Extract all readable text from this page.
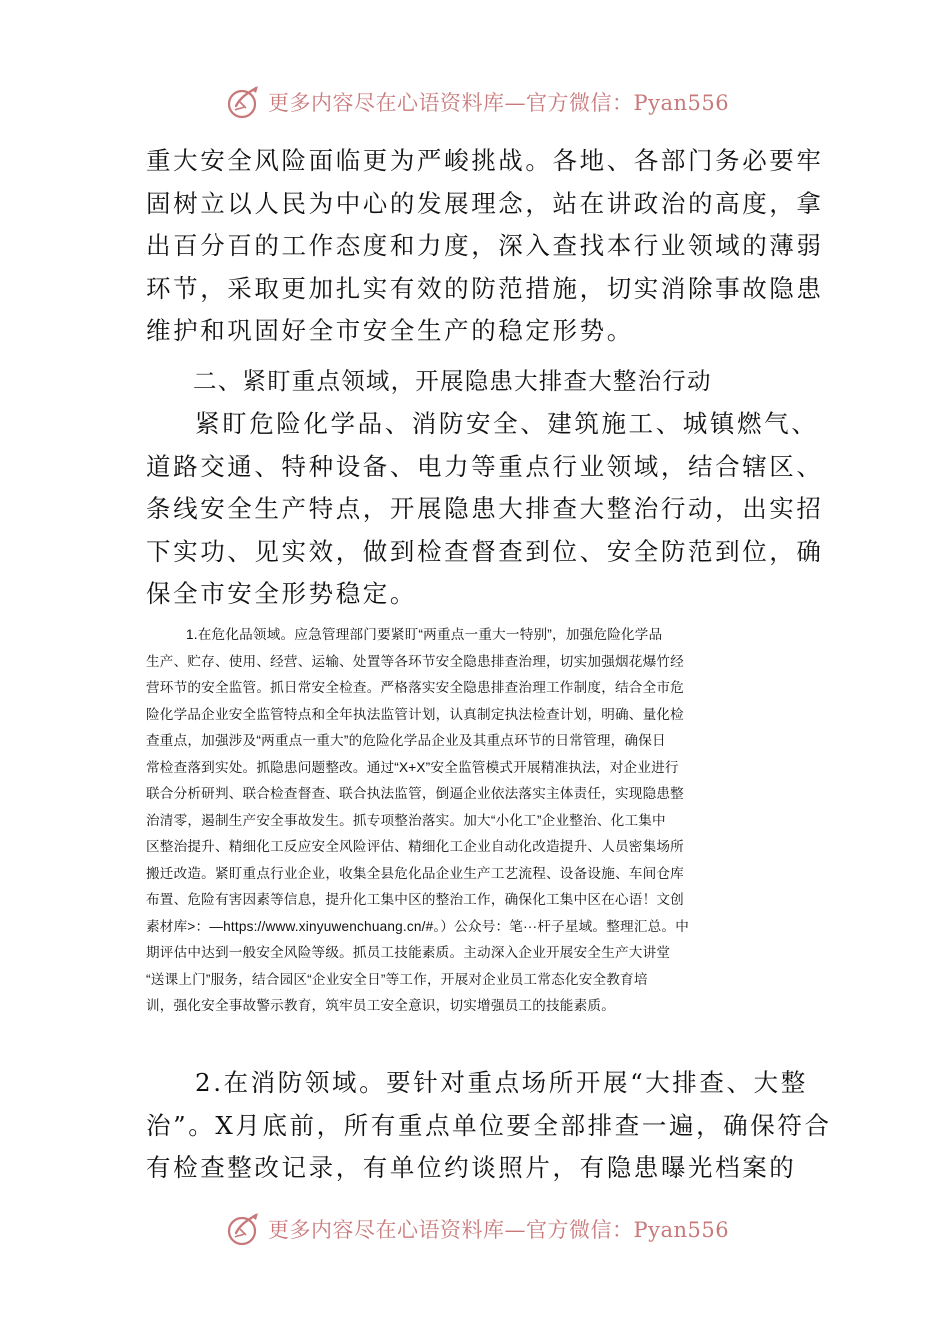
更多内容尽在心语资料库—官方微信：Pyan556
重大安全风险面临更为严峻挑战。各地、各部门务必要牢
固树立以人民为中心的发展理念，站在讲政治的高度，拿
出百分百的工作态度和力度，深入查找本行业领域的薄弱
环节，采取更加扎实有效的防范措施，切实消除事故隐患
维护和巩固好全市安全生产的稳定形势。
二、紧盯重点领域，开展隐患大排查大整治行动
紧盯危险化学品、消防安全、建筑施工、城镇燃气、
道路交通、特种设备、电力等重点行业领域，结合辖区、
条线安全生产特点，开展隐患大排查大整治行动，出实招
下实功、见实效，做到检查督查到位、安全防范到位，确
保全市安全形势稳定。
1.在危化品领域。应急管理部门要紧盯“两重点一重大一特别”，加强危险化学品
生产、贮存、使用、经营、运输、处置等各环节安全隐患排查治理，切实加强烟花爆竹经
营环节的安全监管。抓日常安全检查。严格落实安全隐患排查治理工作制度，结合全市危
险化学品企业安全监管特点和全年执法监管计划，认真制定执法检查计划，明确、量化检
查重点，加强涉及“两重点一重大”的危险化学品企业及其重点环节的日常管理，确保日
常检查落到实处。抓隐患问题整改。通过“X+X”安全监管模式开展精准执法，对企业进行
联合分析研判、联合检查督查、联合执法监管，倒逼企业依法落实主体责任，实现隐患整
治清零，遏制生产安全事故发生。抓专项整治落实。加大“小化工”企业整治、化工集中
区整治提升、精细化工反应安全风险评估、精细化工企业自动化改造提升、人员密集场所
搬迁改造。紧盯重点行业企业，收集全县危化品企业生产工艺流程、设备设施、车间仓库
布置、危险有害因素等信息，提升化工集中区的整治工作，确保化工集中区在心语！文创
素材库>：—https://www.xinyuwenchuang.cn/#。）公众号：笔···杆子星域。整理汇总。中
期评估中达到一般安全风险等级。抓员工技能素质。主动深入企业开展安全生产大讲堂
“送课上门”服务，结合园区“企业安全日”等工作，开展对企业员工常态化安全教育培
训，强化安全事故警示教育，筑牢员工安全意识，切实增强员工的技能素质。
2.在消防领域。要针对重点场所开展“大排查、大整
治”。X月底前，所有重点单位要全部排查一遍，确保符合
有检查整改记录，有单位约谈照片，有隐患曝光档案的
更多内容尽在心语资料库—官方微信：Pyan556
